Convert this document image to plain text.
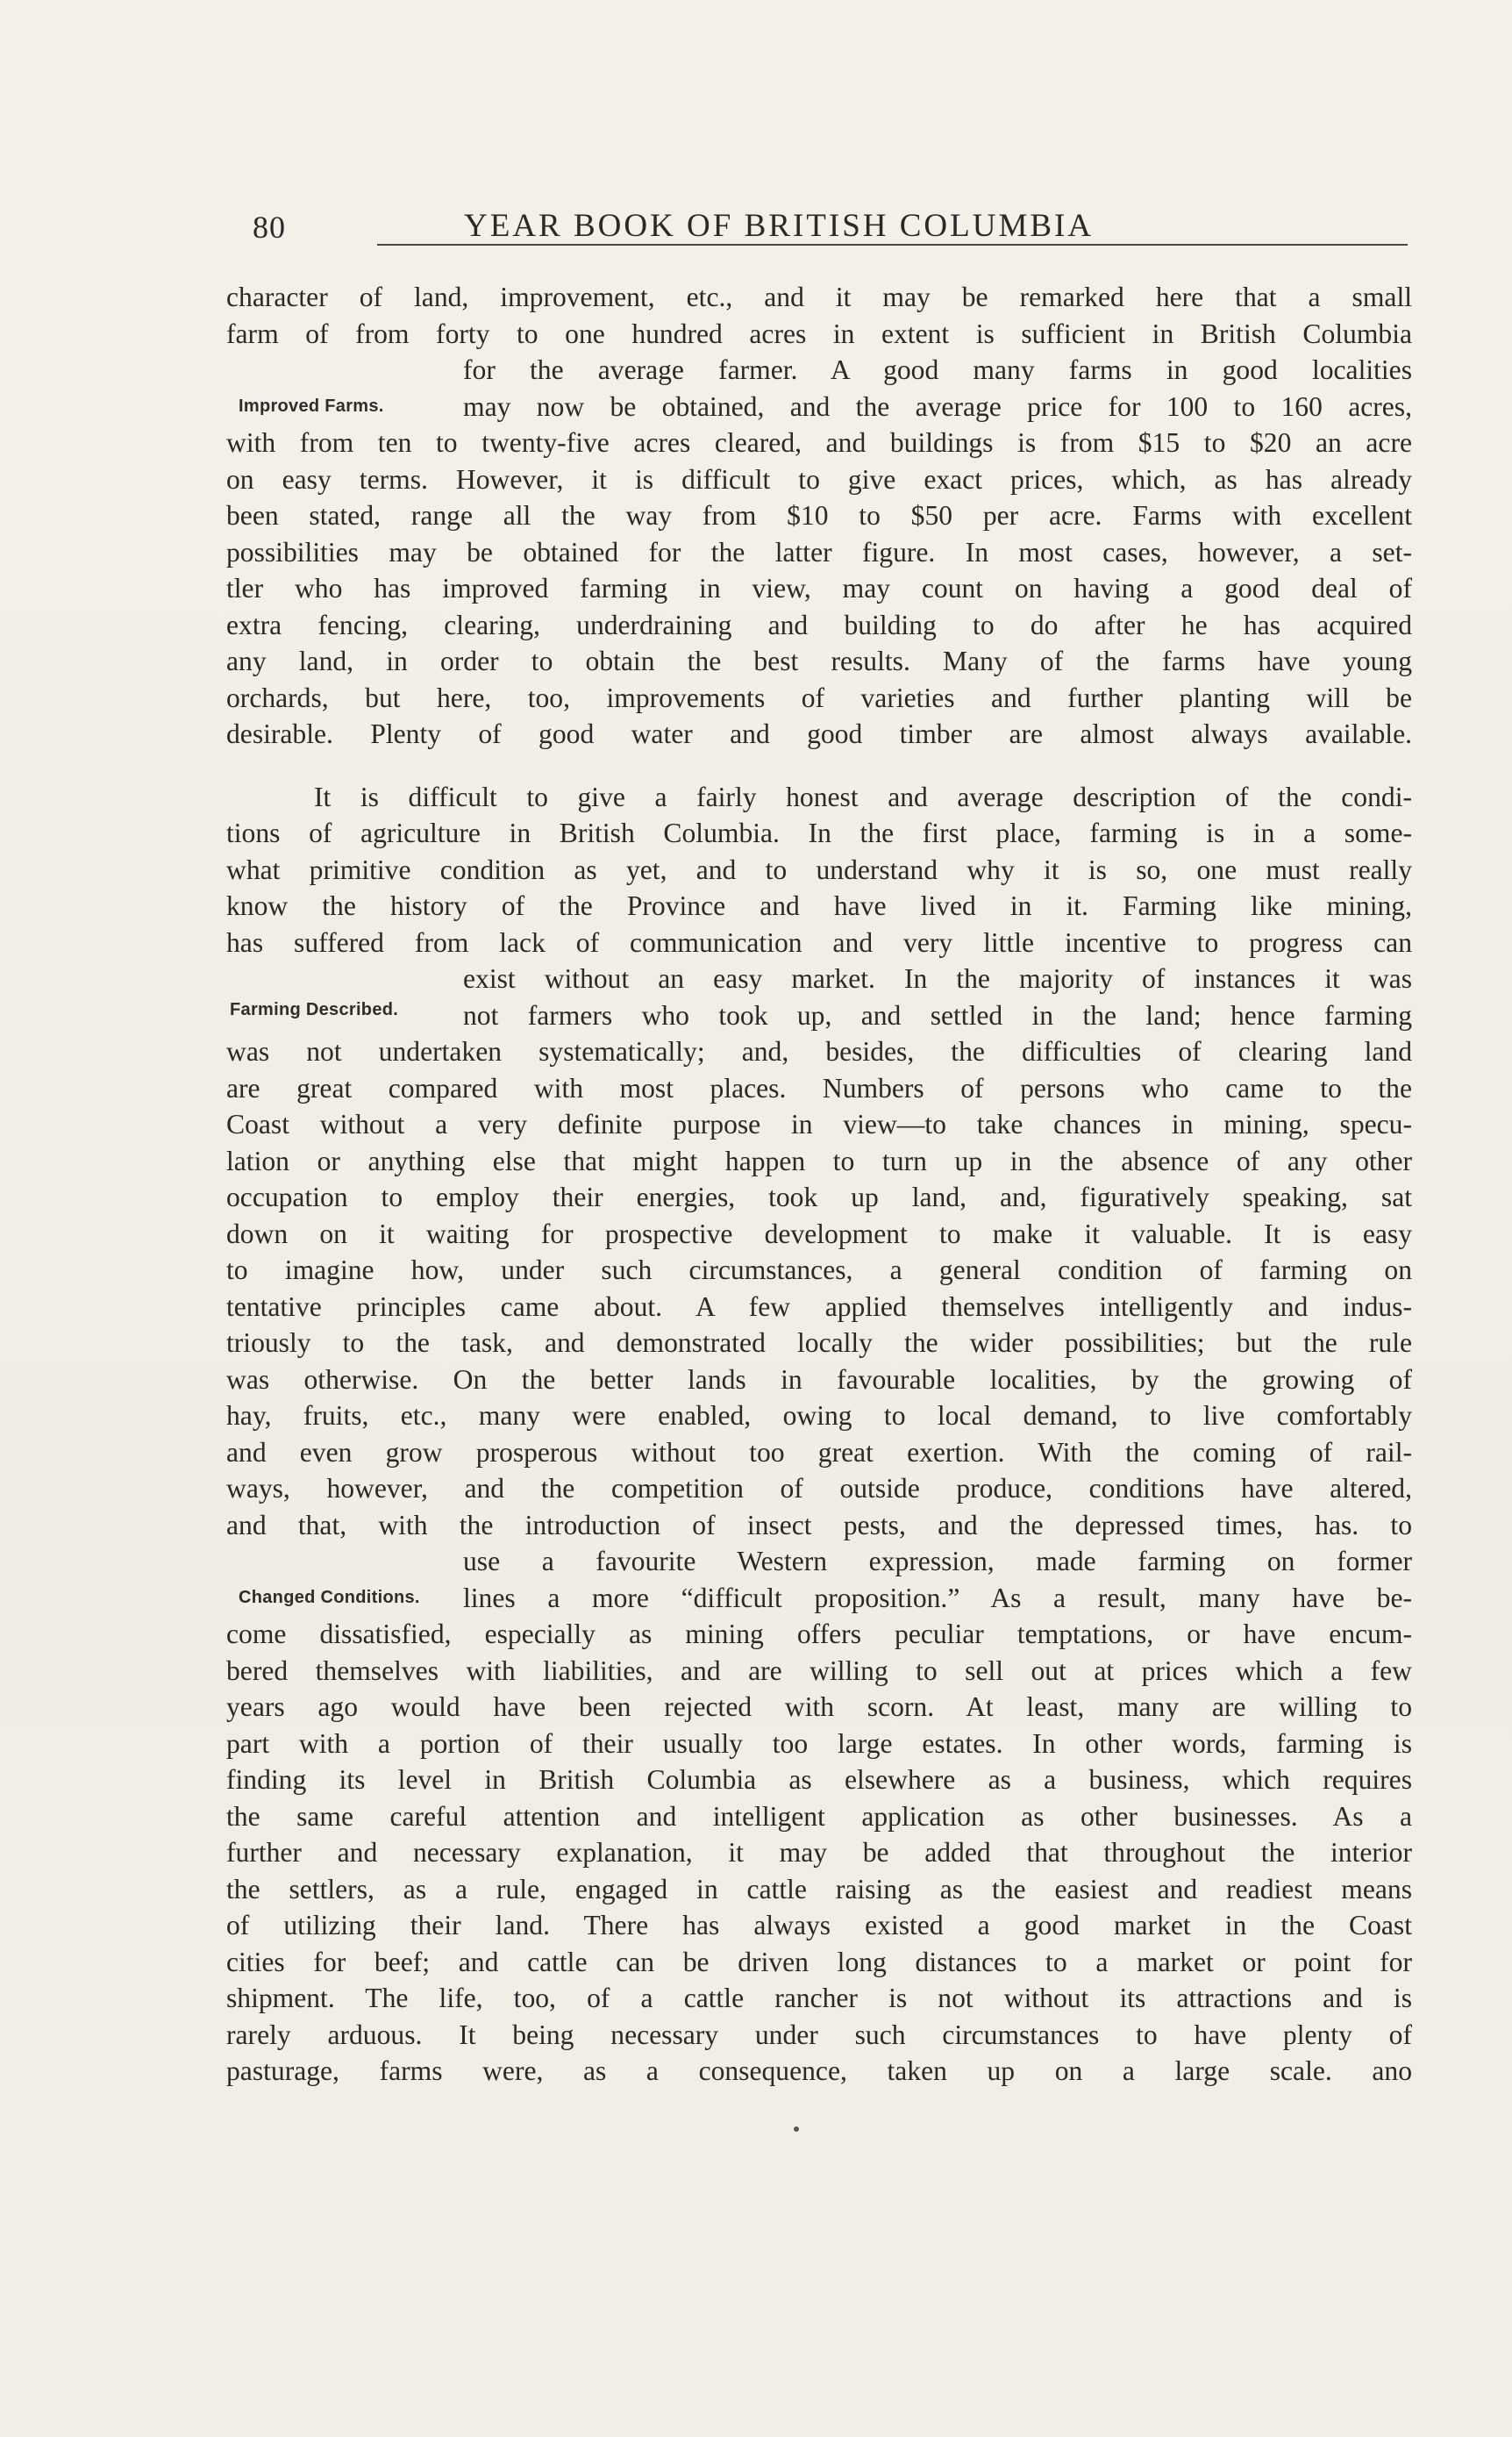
80	YEAR BOOK OF BRITISH COLUMBIA
Improved Farms.
Farming Described.
Changed Conditions.
character of land, improvement, etc., and it may be remarked here that a small
farm of from forty to one hundred acres in extent is sufficient in British Columbia
for the average farmer. A good many farms in good localities
may now be obtained, and the average price for 100 to 160 acres,
with from ten to twenty-five acres cleared, and buildings is from $15 to $20 an acre
on easy terms. However, it is difficult to give exact prices, which, as has already
been stated, range all the way from $10 to $50 per acre. Farms with excellent
possibilities may be obtained for the latter figure. In most cases, however, a set-
tler who has improved farming in view, may count on having a good deal of
extra fencing, clearing, underdraining and building to do after he has acquired
any land, in order to obtain the best results. Many of the farms have young
orchards, but here, too, improvements of varieties and further planting will be
desirable. Plenty of good water and good timber are almost always available.
It is difficult to give a fairly honest and average description of the condi-
tions of agriculture in British Columbia. In the first place, farming is in a some-
what primitive condition as yet, and to understand why it is so, one must really
know the history of the Province and have lived in it. Farming like mining,
has suffered from lack of communication and very little incentive to progress can
exist without an easy market. In the majority of instances it was
not farmers who took up, and settled in the land; hence farming
was not undertaken systematically; and, besides, the difficulties of clearing land
are great compared with most places. Numbers of persons who came to the
Coast without a very definite purpose in view—to take chances in mining, specu-
lation or anything else that might happen to turn up in the absence of any other
occupation to employ their energies, took up land, and, figuratively speaking, sat
down on it waiting for prospective development to make it valuable. It is easy
to imagine how, under such circumstances, a general condition of farming on
tentative principles came about. A few applied themselves intelligently and indus-
triously to the task, and demonstrated locally the wider possibilities; but the rule
was otherwise. On the better lands in favourable localities, by the growing of
hay, fruits, etc., many were enabled, owing to local demand, to live comfortably
and even grow prosperous without too great exertion. With the coming of rail-
ways, however, and the competition of outside produce, conditions have altered,
and that, with the introduction of insect pests, and the depressed times, has. to
use a favourite Western expression, made farming on former
lines a more “difficult proposition.” As a result, many have be-
come dissatisfied, especially as mining offers peculiar temptations, or have encum-
bered themselves with liabilities, and are willing to sell out at prices which a few
years ago would have been rejected with scorn. At least, many are willing to
part with a portion of their usually too large estates. In other words, farming is
finding its level in British Columbia as elsewhere as a business, which requires
the same careful attention and intelligent application as other businesses. As a
further and necessary explanation, it may be added that throughout the interior
the settlers, as a rule, engaged in cattle raising as the easiest and readiest means
of utilizing their land. There has always existed a good market in the Coast
cities for beef; and cattle can be driven long distances to a market or point for
shipment. The life, too, of a cattle rancher is not without its attractions and is
rarely arduous. It being necessary under such circumstances to have plenty of
pasturage, farms were, as a consequence, taken up on a large scale. ano
